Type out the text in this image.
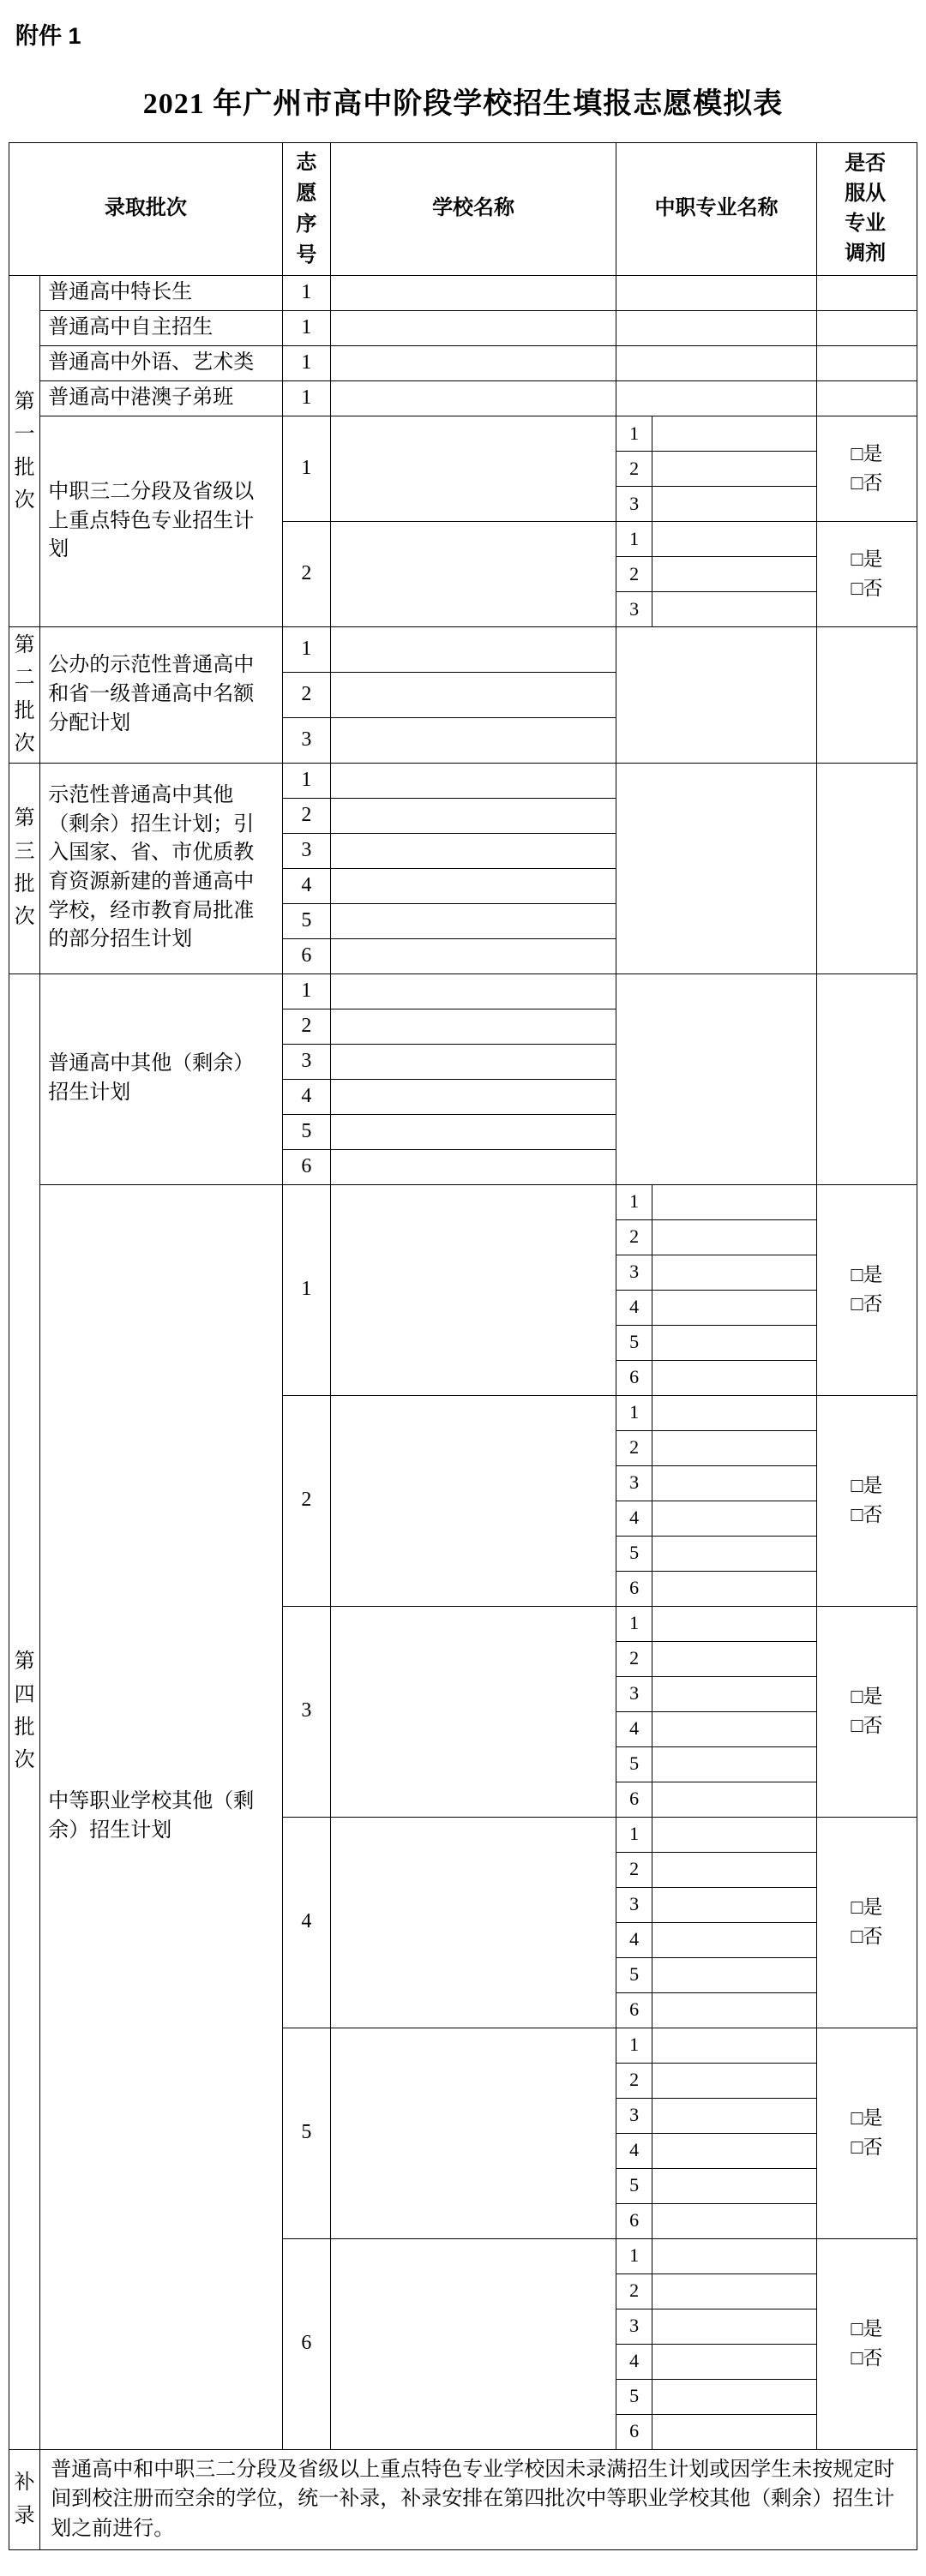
附件 1
2021 年广州市高中阶段学校招生填报志愿模拟表
录取批次		志愿序号	学校名称	中职专业名称		是否服从专业调剂
第一批次	普通高中特长生	1				
	普通高中自主招生	1				
	普通高中外语、艺术类	1				
	普通高中港澳子弟班	1				
	中职三二分段及省级以上重点特色专业招生计划	1		1		□是
□否

				2		
				3		
		2		1		□是
□否

				2		
				3		
第二批次	公办的示范性普通高中和省一级普通高中名额分配计划	1				
		2				
		3				
第三批次	示范性普通高中其他（剩余）招生计划；引入国家、省、市优质教育资源新建的普通高中学校，经市教育局批准的部分招生计划	1				
		2				
		3				
		4				
		5				
		6				
第四批次	普通高中其他（剩余）招生计划	1				
		2				
		3				
		4				
		5				
		6				
	中等职业学校其他（剩余）招生计划	1		1		□是
□否

				2		
				3		
				4		
				5		
				6		
		2		1		□是
□否

				2		
				3		
				4		
				5		
				6		
		3		1		□是
□否

				2		
				3		
				4		
				5		
				6		
		4		1		□是
□否

				2		
				3		
				4		
				5		
				6		
		5		1		□是
□否

				2		
				3		
				4		
				5		
				6		
		6		1		□是
□否

				2		
				3		
				4		
				5		
				6		
补录	普通高中和中职三二分段及省级以上重点特色专业学校因未录满招生计划或因学生未按规定时间到校注册而空余的学位，统一补录，补录安排在第四批次中等职业学校其他（剩余）招生计划之前进行。					
